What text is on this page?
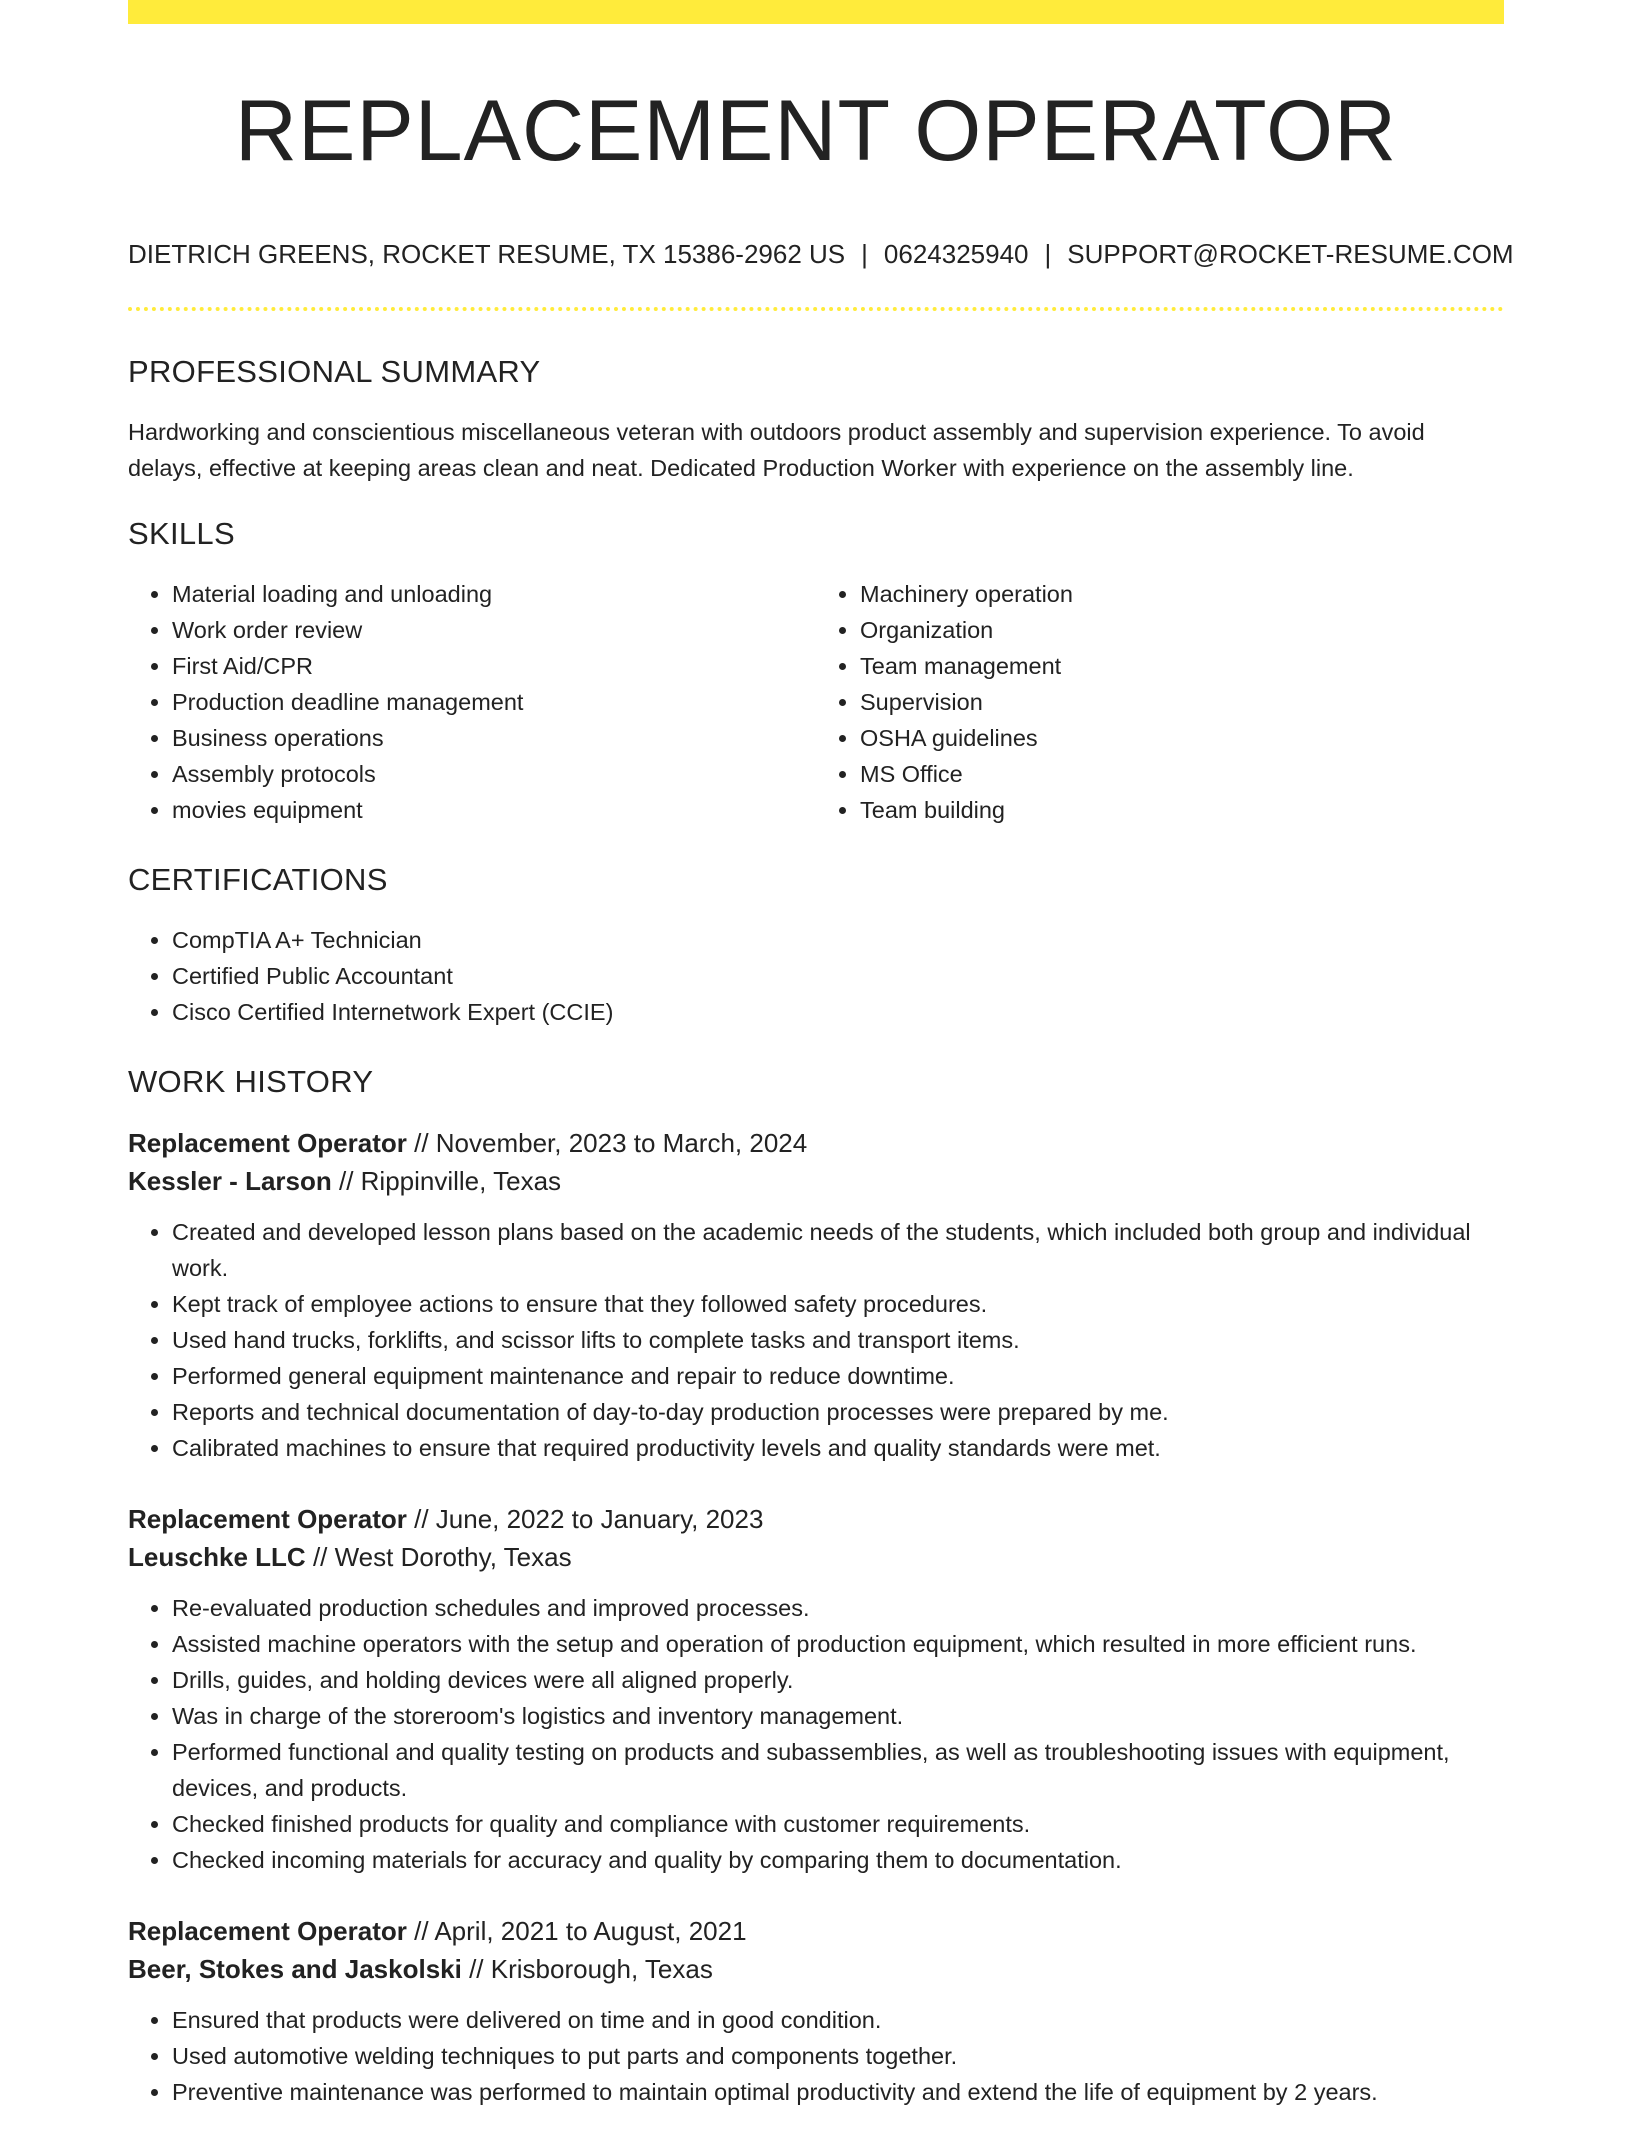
REPLACEMENT OPERATOR
DIETRICH GREENS, ROCKET RESUME, TX 15386-2962 US | 0624325940 | SUPPORT@ROCKET-RESUME.COM
PROFESSIONAL SUMMARY

Hardworking and conscientious miscellaneous veteran with outdoors product assembly and supervision experience. To avoid delays, effective at keeping areas clean and neat. Dedicated Production Worker with experience on the assembly line.

SKILLS
• Material loading and unloading
• Work order review
• First Aid/CPR
• Production deadline management
• Business operations
• Assembly protocols
• movies equipment
• Machinery operation
• Organization
• Team management
• Supervision
• OSHA guidelines
• MS Office
• Team building
CERTIFICATIONS
• CompTIA A+ Technician
• Certified Public Accountant
• Cisco Certified Internetwork Expert (CCIE)
WORK HISTORY
Replacement Operator // November, 2023 to March, 2024
Kessler - Larson // Rippinville, Texas
• Created and developed lesson plans based on the academic needs of the students, which included both group and individual work.
• Kept track of employee actions to ensure that they followed safety procedures.
• Used hand trucks, forklifts, and scissor lifts to complete tasks and transport items.
• Performed general equipment maintenance and repair to reduce downtime.
• Reports and technical documentation of day-to-day production processes were prepared by me.
• Calibrated machines to ensure that required productivity levels and quality standards were met.
Replacement Operator // June, 2022 to January, 2023
Leuschke LLC // West Dorothy, Texas
• Re-evaluated production schedules and improved processes.
• Assisted machine operators with the setup and operation of production equipment, which resulted in more efficient runs.
• Drills, guides, and holding devices were all aligned properly.
• Was in charge of the storeroom's logistics and inventory management.
• Performed functional and quality testing on products and subassemblies, as well as troubleshooting issues with equipment, devices, and products.
• Checked finished products for quality and compliance with customer requirements.
• Checked incoming materials for accuracy and quality by comparing them to documentation.
Replacement Operator // April, 2021 to August, 2021
Beer, Stokes and Jaskolski // Krisborough, Texas
• Ensured that products were delivered on time and in good condition.
• Used automotive welding techniques to put parts and components together.
• Preventive maintenance was performed to maintain optimal productivity and extend the life of equipment by 2 years.
